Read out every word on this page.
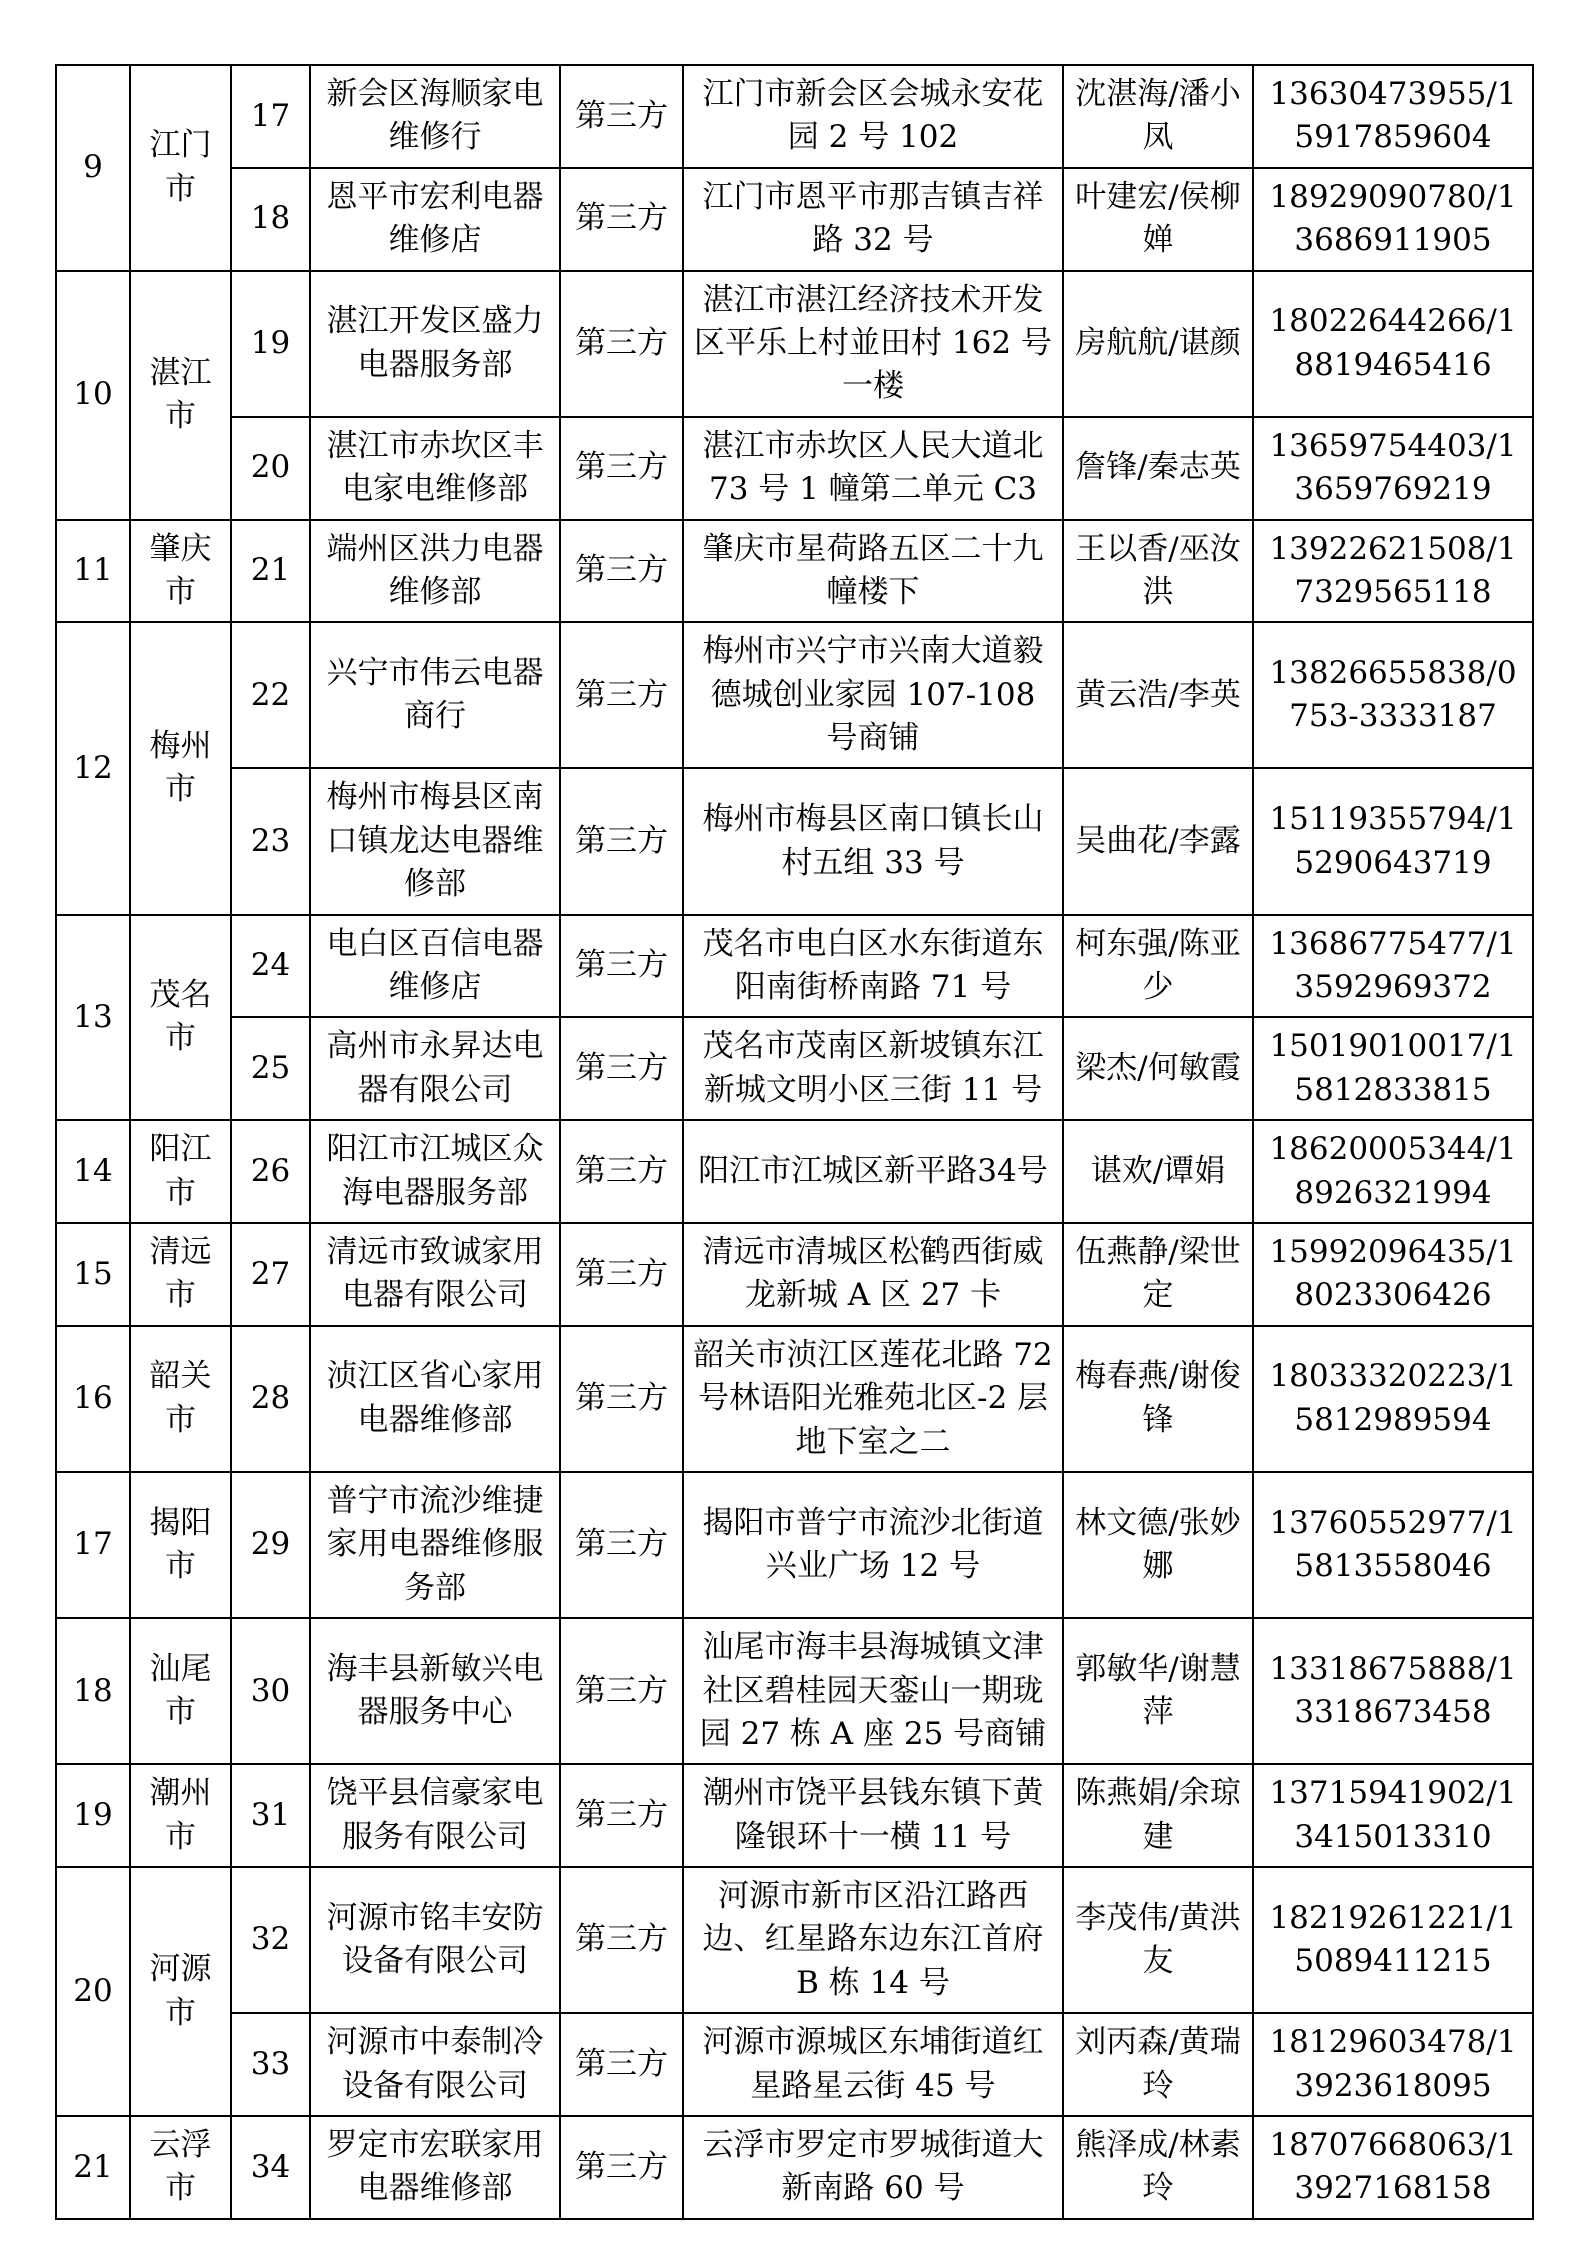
9	江门市	17	新会区海顺家电维修行	第三方	江门市新会区会城永安花园 2 号 102	沈湛海/潘小凤	13630473955/15917859604
		18	恩平市宏利电器维修店	第三方	江门市恩平市那吉镇吉祥路 32 号	叶建宏/侯柳婵	18929090780/13686911905
10	湛江市	19	湛江开发区盛力电器服务部	第三方	湛江市湛江经济技术开发区平乐上村並田村 162 号一楼	房航航/谌颜	18022644266/18819465416
		20	湛江市赤坎区丰电家电维修部	第三方	湛江市赤坎区人民大道北 73 号 1 幢第二单元 C3	詹锋/秦志英	13659754403/13659769219
11	肇庆市	21	端州区洪力电器维修部	第三方	肇庆市星荷路五区二十九幢楼下	王以香/巫汝洪	13922621508/17329565118
12	梅州市	22	兴宁市伟云电器商行	第三方	梅州市兴宁市兴南大道毅德城创业家园 107-108 号商铺	黄云浩/李英	13826655838/0753-3333187
		23	梅州市梅县区南口镇龙达电器维修部	第三方	梅州市梅县区南口镇长山村五组 33 号	吴曲花/李露	15119355794/15290643719
13	茂名市	24	电白区百信电器维修店	第三方	茂名市电白区水东街道东阳南街桥南路 71 号	柯东强/陈亚少	13686775477/13592969372
		25	高州市永昇达电器有限公司	第三方	茂名市茂南区新坡镇东江新城文明小区三街 11 号	梁杰/何敏霞	15019010017/15812833815
14	阳江市	26	阳江市江城区众海电器服务部	第三方	阳江市江城区新平路34号	谌欢/谭娟	18620005344/18926321994
15	清远市	27	清远市致诚家用电器有限公司	第三方	清远市清城区松鹤西街威龙新城 A 区 27 卡	伍燕静/梁世定	15992096435/18023306426
16	韶关市	28	浈江区省心家用电器维修部	第三方	韶关市浈江区莲花北路 72 号林语阳光雅苑北区-2 层地下室之二	梅春燕/谢俊锋	18033320223/15812989594
17	揭阳市	29	普宁市流沙维捷家用电器维修服务部	第三方	揭阳市普宁市流沙北街道兴业广场 12 号	林文德/张妙娜	13760552977/15813558046
18	汕尾市	30	海丰县新敏兴电器服务中心	第三方	汕尾市海丰县海城镇文津社区碧桂园天銮山一期珑园 27 栋 A 座 25 号商铺	郭敏华/谢慧萍	13318675888/13318673458
19	潮州市	31	饶平县信豪家电服务有限公司	第三方	潮州市饶平县钱东镇下黄隆银环十一横 11 号	陈燕娟/余琼建	13715941902/13415013310
20	河源市	32	河源市铭丰安防设备有限公司	第三方	河源市新市区沿江路西边、红星路东边东江首府 B 栋 14 号	李茂伟/黄洪友	18219261221/15089411215
		33	河源市中泰制冷设备有限公司	第三方	河源市源城区东埔街道红星路星云街 45 号	刘丙森/黄瑞玲	18129603478/13923618095
21	云浮市	34	罗定市宏联家用电器维修部	第三方	云浮市罗定市罗城街道大新南路 60 号	熊泽成/林素玲	18707668063/13927168158
